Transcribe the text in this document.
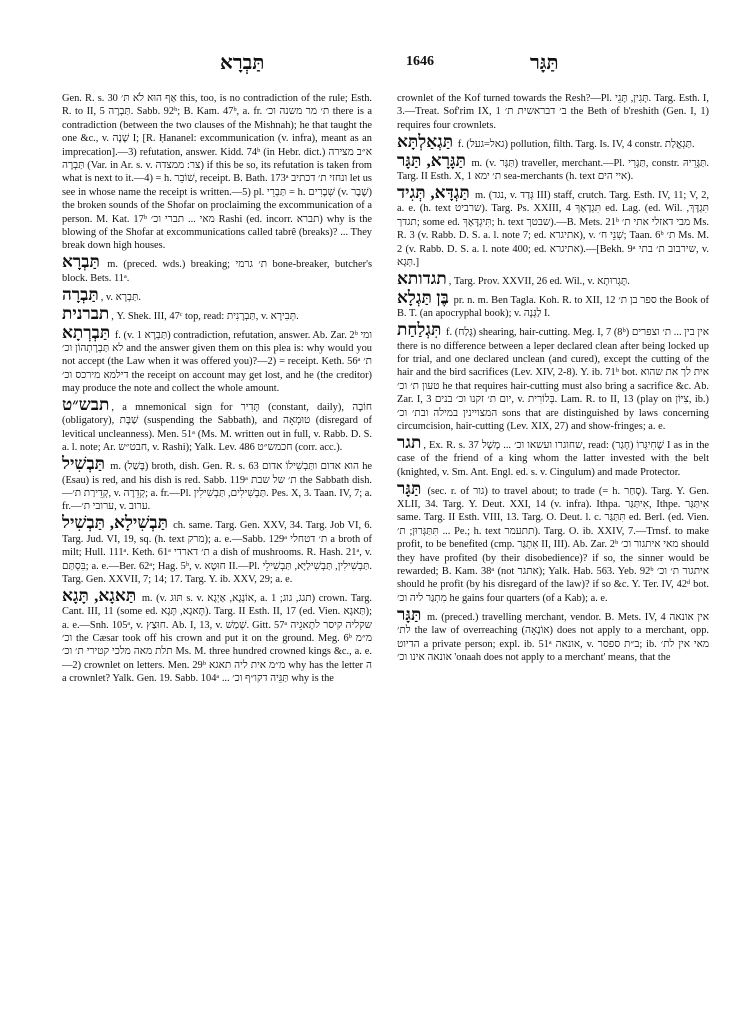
תַּבְרָא	1646	תַּגָּר

Gen. R. s. 30 אַף הוּא לֹא תּ׳ this, too, is no contradiction of the rule; Esth. R. to II, 5 תַּבְרָה. Sabb. 92ᵇ; B. Kam. 47ᵇ, a. fr. ת׳ מר משנה וכ׳ there is a contradiction (between the two clauses of the Mishnah); he that taught the one &c., v. שָׁנָה I; [R. Ḥananel: excommunication (v. infra), meant as an imprecation].—3) refutation, answer. Kidd. 74ᵇ (in Hebr. dict.) א״ב מצירה תַּבְרָה (Var. in Ar. s. v. צר: ממצדה) if this be so, its refutation is taken from what is next to it.—4) = h. שׁוֹבֵר, receipt. B. Bath. 173ᵃ ונחזי ת׳ דכתיב let us see in whose name the receipt is written.—5) pl. תַּבְרֵי = h. שְׁבָרִים (v. שֶׁבֶר) the broken sounds of the Shofar on proclaiming the excommunication of a person. M. Kat. 17ᵇ מאי ... תברי וכ׳ Rashi (ed. incorr. תברא) why is the blowing of the Shofar at excommunications called tabrê (breaks)? ... They break down high houses.

תַּבְרָא m. (preced. wds.) breaking; ת׳ גרמי bone-breaker, butcher's block. Bets. 11ᵃ.

תַּבְרָה , v. תַּבְרָא.

תברנית , Y. Shek. III, 47ᶜ top, read: תַּבְרָנִית, v. תְּבִירָא.

תַּבְרְתָא f. (v. תַּבְרָא 1) contradiction, refutation, answer. Ab. Zar. 2ᵇ ומי לא תַּבְרָתְהוֹן וכ׳ and the answer given them on this plea is: why would you not accept (the Law when it was offered you)?—2) = receipt. Keth. 56ᵃ ת׳ דילמא מירכס וכ׳ the receipt on account may get lost, and he (the creditor) may produce the note and collect the whole amount.

תבש״ט , a mnemonical sign for תָּדִיר (constant, daily), חוֹבָה (obligatory), שַׁבָּת (suspending the Sabbath), and טוּמְאָה (disregard of levitical uncleanness). Men. 51ᵃ (Ms. M. written out in full, v. Rabb. D. S. a. l. note; Ar. חבט״ש, v. Rashi); Yalk. Lev. 486 חכמש״ט (corr. acc.).

תַּבְשִׁיל m. (בָּשַׁל) broth, dish. Gen. R. s. 63 הוא אדום ותַּבְשִׁילוֹ אדום he (Esau) is red, and his dish is red. Sabb. 119ᵃ ת׳ של שבת the Sabbath dish.—קְדֵירַת ת׳, v. קְדֵרָה; a. fr.—Pl. תַּבְשִׁילִים, תַּבְשִׁילִין. Pes. X, 3. Taan. IV, 7; a. fr.—ערובי ת׳, v. ערוב.

תַּבְשִׁילָא, תַּבְשִׁיל ch. same. Targ. Gen. XXV, 34. Targ. Job VI, 6. Targ. Jud. VI, 19, sq. (h. text מרק); a. e.—Sabb. 129ᵃ ת׳ דטחלי a broth of milt; Hull. 111ᵃ. Keth. 61ᵃ ת׳ דארדי a dish of mushrooms. R. Hash. 21ᵃ, v. בִּסְתַּם; a. e.—Ber. 62ᵃ; Hag. 5ᵇ, v. חוּטָא II.—Pl. תַּבְשִׁילִין, תַּבְשִׁילַיָּא, תַּבְשִׁילֵי. Targ. Gen. XXVII, 7; 14; 17. Targ. Y. ib. XXV, 29; a. e.

תַּאגָא, תָּגָא m. (v. תּוּג s. v. אוֹנְגָא, אַיְגָא, a. תגג, גוג; 1) crown. Targ. Cant. III, 11 (some ed. תָּאגָא, תָּגָא). Targ. II Esth. II, 17 (ed. Vien. תַּאגָא); a. e.—Snh. 105ᵃ, v. חוּצַץ. Ab. I, 13, v. שְׁמַשׁ. Gitt. 57ᵃ שקליה קיסר לתָאגֵיה וכ׳ the Cæsar took off his crown and put it on the ground. Meg. 6ᵇ מ״מ תלת מאה מלכי קטירי ת׳ וכ׳ Ms. M. three hundred crowned kings &c., a. e.—2) crownlet on letters. Men. 29ᵇ מ״מ אית ליה תאגא why has the letter ה a crownlet? Yalk. Gen. 19. Sabb. 104ᵃ ... תַּגֵּיה דקו״ף וכ׳ why is the

crownlet of the Kof turned towards the Resh?—Pl. תָּגִין, תָּגֵי. Targ. Esth. I, 3.—Treat. Sof'rim IX, 1 ב׳ דבראשית ת׳ the Beth of b'reshith (Gen. I, 1) requires four crownlets.

תַּגְאַלְתָּא f. (גאל=געל) pollution, filth. Targ. Is. IV, 4 constr. תַּגְאֲלַת.

תַּגָּרָא, תַּגָּר m. (v. תַּגָּר) traveller, merchant.—Pl. תַּגָּרֵי, constr. תַּגָּרֵיהּ. Targ. II Esth. X, 1 ת׳ ימא sea-merchants (h. text איי הים).

תַּגְדָּא, תְּגִיד m. (נגד, v. גְּדַד III) staff, crutch. Targ. Esth. IV, 11; V, 2, a. e. (h. text שרביט). Targ. Ps. XXIII, 4 תִּגְדָאָךְ ed. Lag. (ed. Wil. תִּגְדָּךְ, תגדך; some ed. תִּיגְדָּאָךְ; h. text שבטך).—B. Mets. 21ᵇ מבי דאזלי אתי ת׳ Ms. R. 3 (v. Rabb. D. S. a. l. note 7; ed. אתיגרא), v. שְׁנֵי ח׳; Taan. 6ᵇ ת׳ Ms. M. 2 (v. Rabb. D. S. a. l. note 400; ed. אתיגרא).—[Bekh. 9ᵃ שירבוב ת׳ בתי, v. תְּגָא.]

תגדותא , Targ. Prov. XXVII, 26 ed. Wil., v. תֶּגְרוּתָא.

בֶּן תַּגְלָא pr. n. m. Ben Tagla. Koh. R. to XII, 12 ספר בן ת׳ the Book of B. T. (an apocryphal book); v. לַגְּנָה I.

תִּגְלַחַת f. (גָּלַח) shearing, hair-cutting. Meg. I, 7 (8ᵇ) אין בין ... ת׳ וצפרים there is no difference between a leper declared clean after being locked up for trial, and one declared unclean (and cured), except the cutting of the hair and the bird sacrifices (Lev. XIV, 2-8). Y. ib. 71ᵇ bot. אית לך את שהוא טעון ת׳ וכ׳ he that requires hair-cutting must also bring a sacrifice &c. Ab. Zar. I, 3 יום ת׳ זקנו וכ׳ בנים, v. בְּלוֹרִית. Lam. R. to II, 13 (play on צִיּוֹן, ib.) המצויינין במילה ובת׳ וכ׳ sons that are distinguished by laws concerning circumcision, hair-cutting (Lev. XIX, 27) and show-fringes; a. e.

תגר , Ex. R. s. 37 שחוגרו ועשאו וכ׳ ... מָשָׁל, read: שֶׁחִיגְּרוֹ (חָגַר) I as in the case of the friend of a king whom the latter invested with the belt (knighted, v. Sm. Ant. Engl. ed. s. v. Cingulum) and made Protector.

תַּגָּר (sec. r. of גור) to travel about; to trade (= h. סָחַר). Targ. Y. Gen. XLII, 34. Targ. Y. Deut. XXI, 14 (v. infra). Ithpa. אִיתַּגַּר, Ithpe. אִיתַּגַּר same. Targ. II Esth. VIII, 13. Targ. O. Deut. l. c. תִּתַּגַּר ed. Berl. (ed. Vien. תִּתַּגְּרוּן; ת׳ ... Pe.; h. text תתעמר). Targ. O. ib. XXIV, 7.—Trnsf. to make profit, to be benefited (cmp. אִתְגַּר II, III). Ab. Zar. 2ᵇ מאי איתגור וכ׳ should they have profited (by their disobedience)? if so, the sinner would be rewarded; B. Kam. 38ᵃ (not אתגר); Yalk. Hab. 563. Yeb. 92ᵇ איתגור ת׳ וכ׳ should he profit (by his disregard of the law)? if so &c. Y. Ter. IV, 42ᵈ bot. מִתְגַּר ליה וכ׳ he gains four quarters (of a Kab); a. e.

תַּגָּר m. (preced.) travelling merchant, vendor. B. Mets. IV, 4 אין אונאה לת׳ the law of overreaching (אוֹנָאָה) does not apply to a merchant, opp. הדיוט a private person; expl. ib. 51ᵃ אונאה, v. ב״ת ספסר; ib. מאי אין לת׳ אונאה אינו וכ׳ 'onaah does not apply to a merchant' means, that the
